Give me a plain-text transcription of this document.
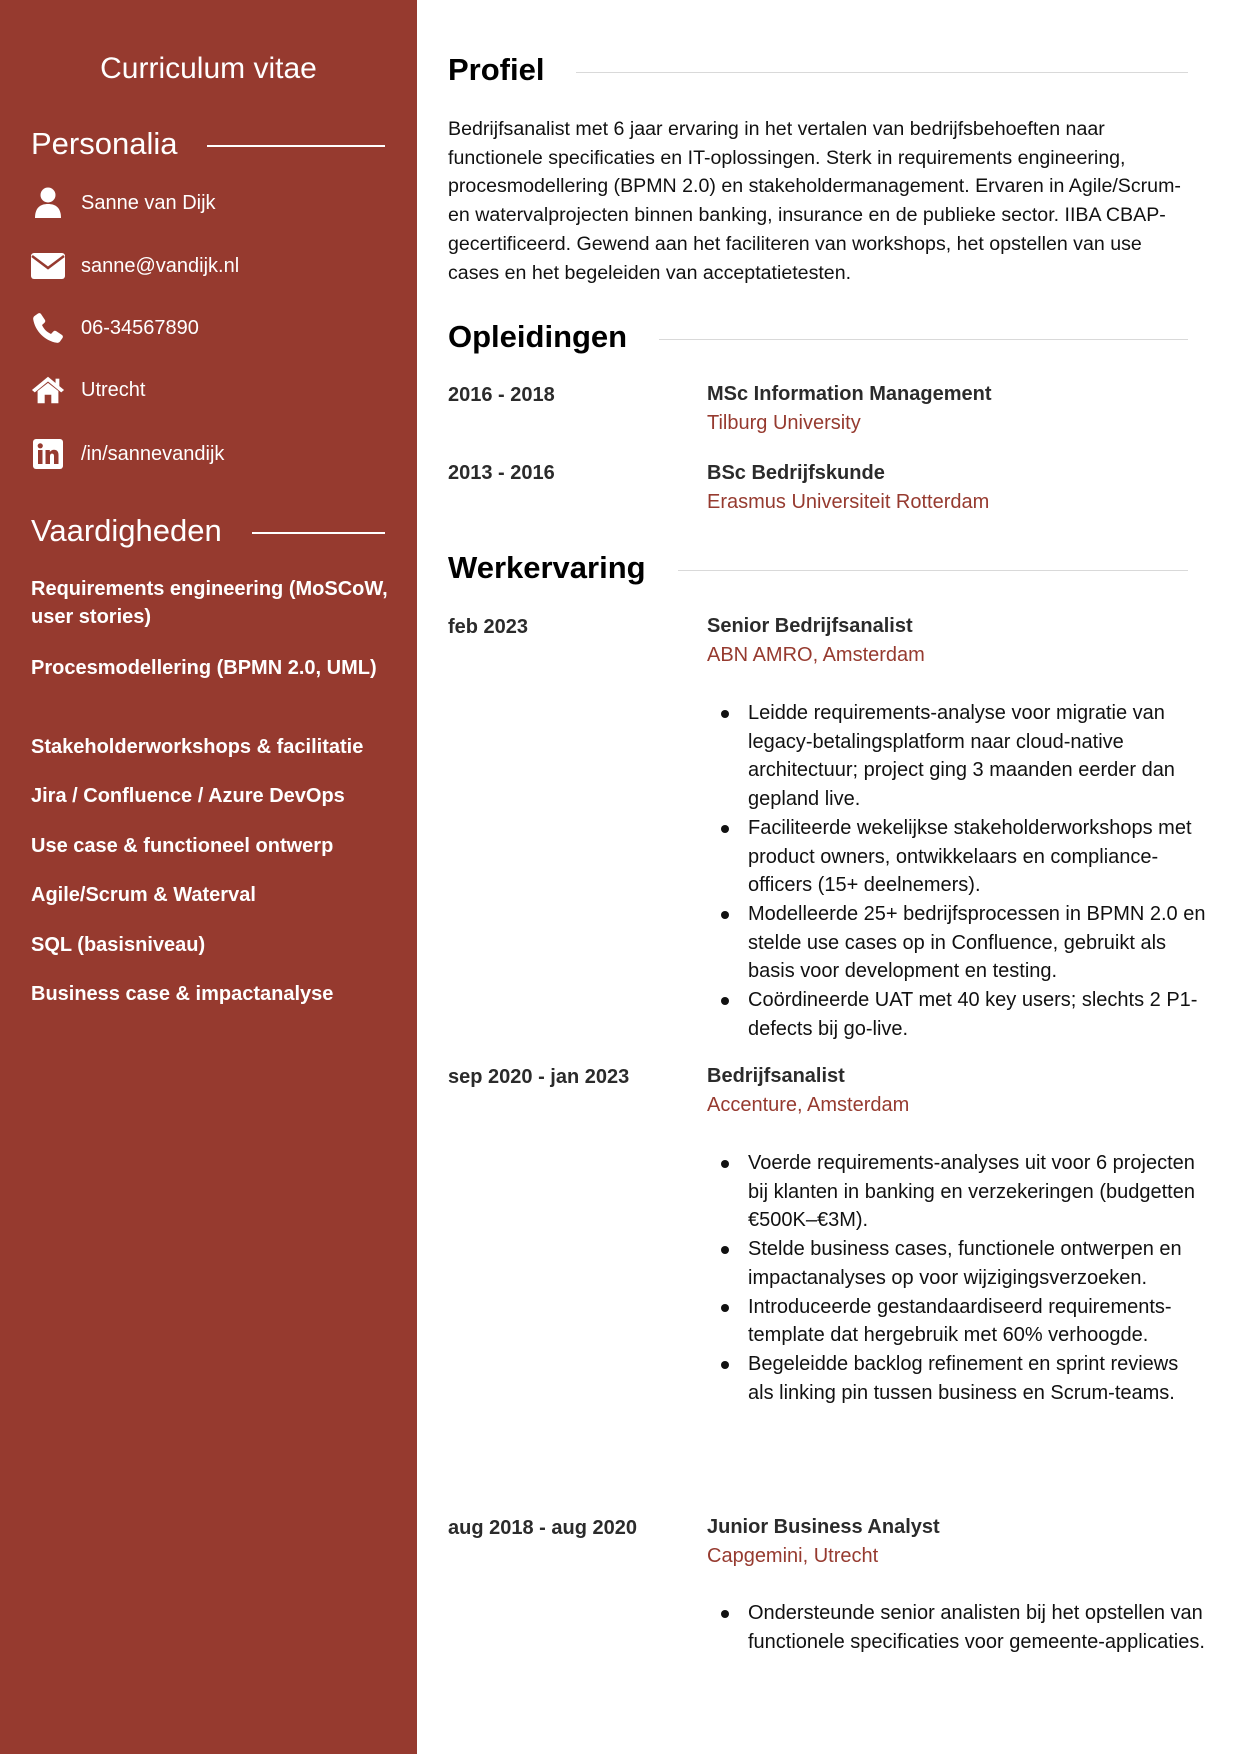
Curriculum vitae
Personalia
Sanne van Dijk
sanne@vandijk.nl
06-34567890
Utrecht
/in/sannevandijk
Vaardigheden
Requirements engineering (MoSCoW, user stories)
Procesmodellering (BPMN 2.0, UML)
Stakeholderworkshops & facilitatie
Jira / Confluence / Azure DevOps
Use case & functioneel ontwerp
Agile/Scrum & Waterval
SQL (basisniveau)
Business case & impactanalyse
Profiel
Bedrijfsanalist met 6 jaar ervaring in het vertalen van bedrijfsbehoeften naar functionele specificaties en IT-oplossingen. Sterk in requirements engineering, procesmodellering (BPMN 2.0) en stakeholdermanagement. Ervaren in Agile/Scrum- en watervalprojecten binnen banking, insurance en de publieke sector. IIBA CBAP-gecertificeerd. Gewend aan het faciliteren van workshops, het opstellen van use cases en het begeleiden van acceptatietesten.
Opleidingen
2016 - 2018	MSc Information Management
Tilburg University
2013 - 2016	BSc Bedrijfskunde
Erasmus Universiteit Rotterdam
Werkervaring
feb 2023	Senior Bedrijfsanalist
ABN AMRO, Amsterdam
Leidde requirements-analyse voor migratie van legacy-betalingsplatform naar cloud-native architectuur; project ging 3 maanden eerder dan gepland live.
Faciliteerde wekelijkse stakeholderworkshops met product owners, ontwikkelaars en compliance-officers (15+ deelnemers).
Modelleerde 25+ bedrijfsprocessen in BPMN 2.0 en stelde use cases op in Confluence, gebruikt als basis voor development en testing.
Coördineerde UAT met 40 key users; slechts 2 P1-defects bij go-live.
sep 2020 - jan 2023	Bedrijfsanalist
Accenture, Amsterdam
Voerde requirements-analyses uit voor 6 projecten bij klanten in banking en verzekeringen (budgetten €500K–€3M).
Stelde business cases, functionele ontwerpen en impactanalyses op voor wijzigingsverzoeken.
Introduceerde gestandaardiseerd requirements-template dat hergebruik met 60% verhoogde.
Begeleidde backlog refinement en sprint reviews als linking pin tussen business en Scrum-teams.
aug 2018 - aug 2020	Junior Business Analyst
Capgemini, Utrecht
Ondersteunde senior analisten bij het opstellen van functionele specificaties voor gemeente-applicaties.
